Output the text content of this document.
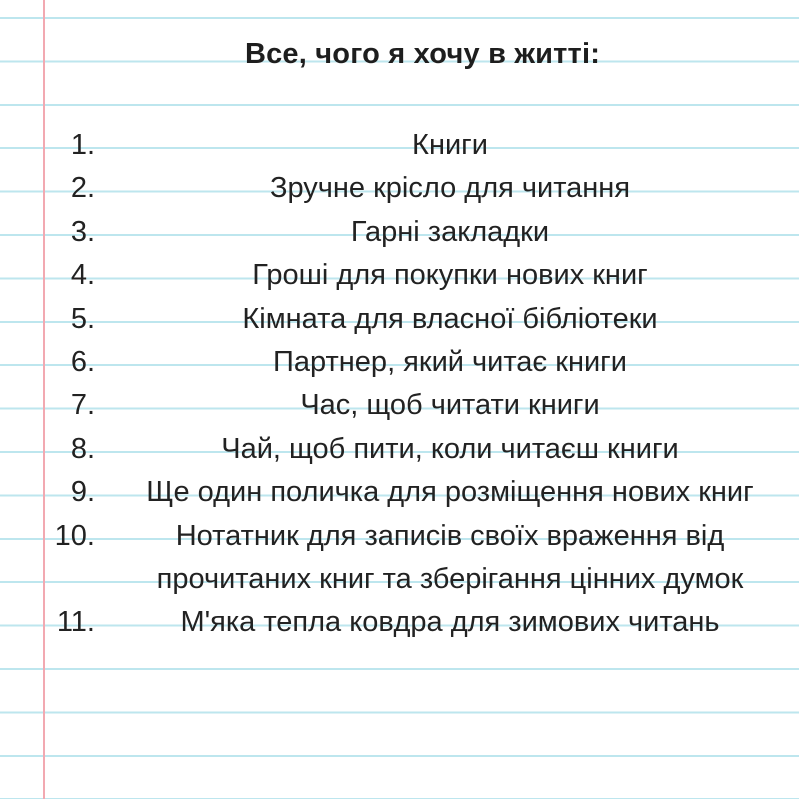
Все, чого я хочу в житті:
1.	Книги
2.	Зручне крісло для читання
3.	Гарні закладки
4.	Гроші для покупки нових книг
5.	Кімната для власної бібліотеки
6.	Партнер, який читає книги
7.	Час, щоб читати книги
8.	Чай, щоб пити, коли читаєш книги
9.	Ще один поличка для розміщення нових книг
10.	Нотатник для записів своїх враження від прочитаних книг та зберігання цінних думок
11.	М'яка тепла ковдра для зимових читань
